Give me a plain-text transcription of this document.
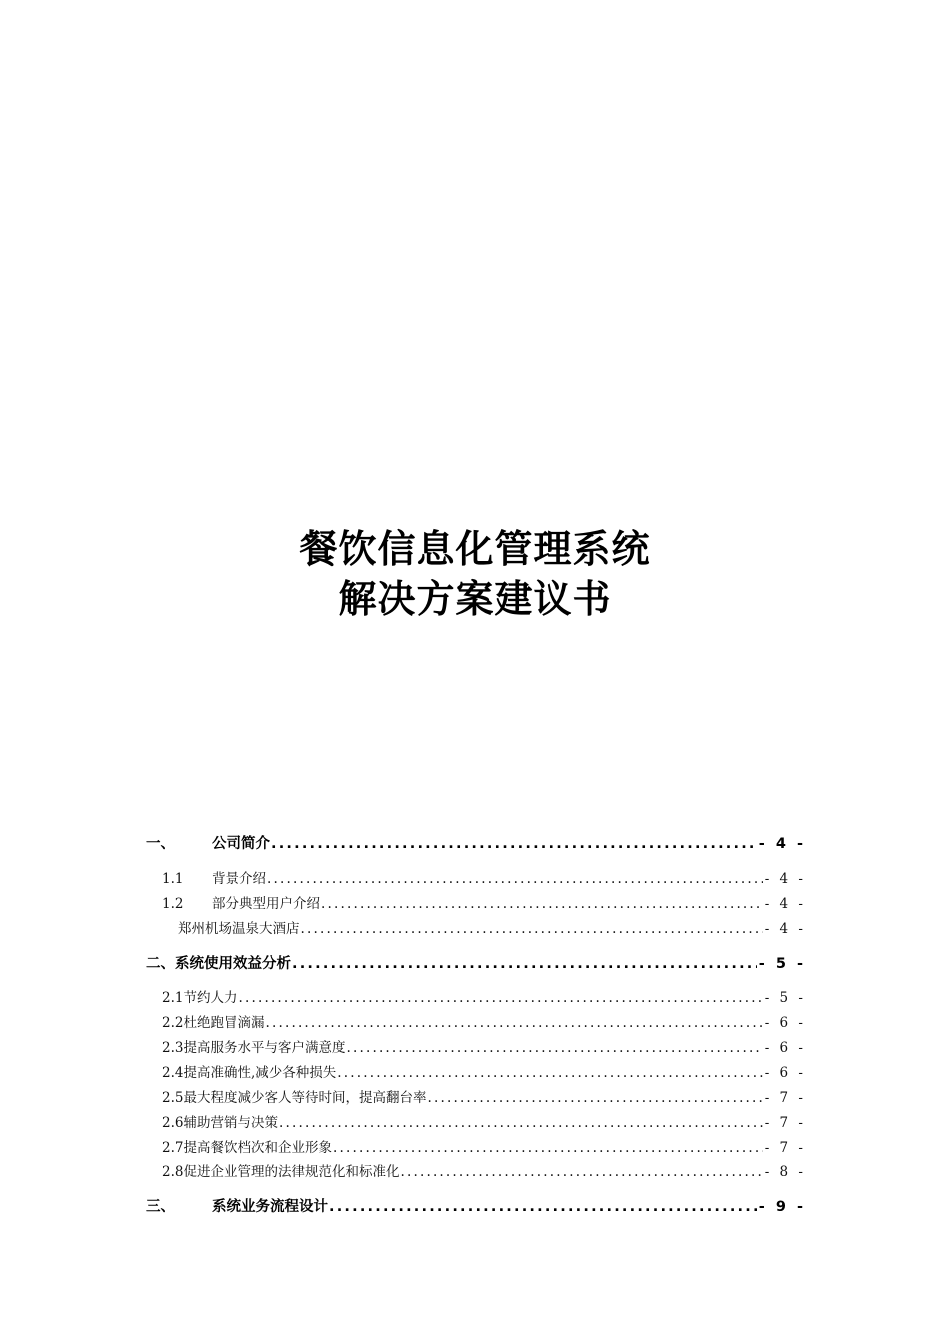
餐饮信息化管理系统
解决方案建议书
一、	公司简介 .....	- 4 -
1.1	背景介绍 .....	- 4 -
1.2	部分典型用户介绍 .....	- 4 -
郑州机场温泉大酒店 .....	- 4 -
二、系统使用效益分析 .....	- 5 -
2.1节约人力 .....	- 5 -
2.2杜绝跑冒滴漏 .....	- 6 -
2.3提高服务水平与客户满意度 .....	- 6 -
2.4提高准确性,减少各种损失 .....	- 6 -
2.5最大程度减少客人等待时间，提高翻台率 .....	- 7 -
2.6辅助营销与决策 .....	- 7 -
2.7提高餐饮档次和企业形象 .....	- 7 -
2.8促进企业管理的法律规范化和标准化 .....	- 8 -
三、	系统业务流程设计 .....	- 9 -
